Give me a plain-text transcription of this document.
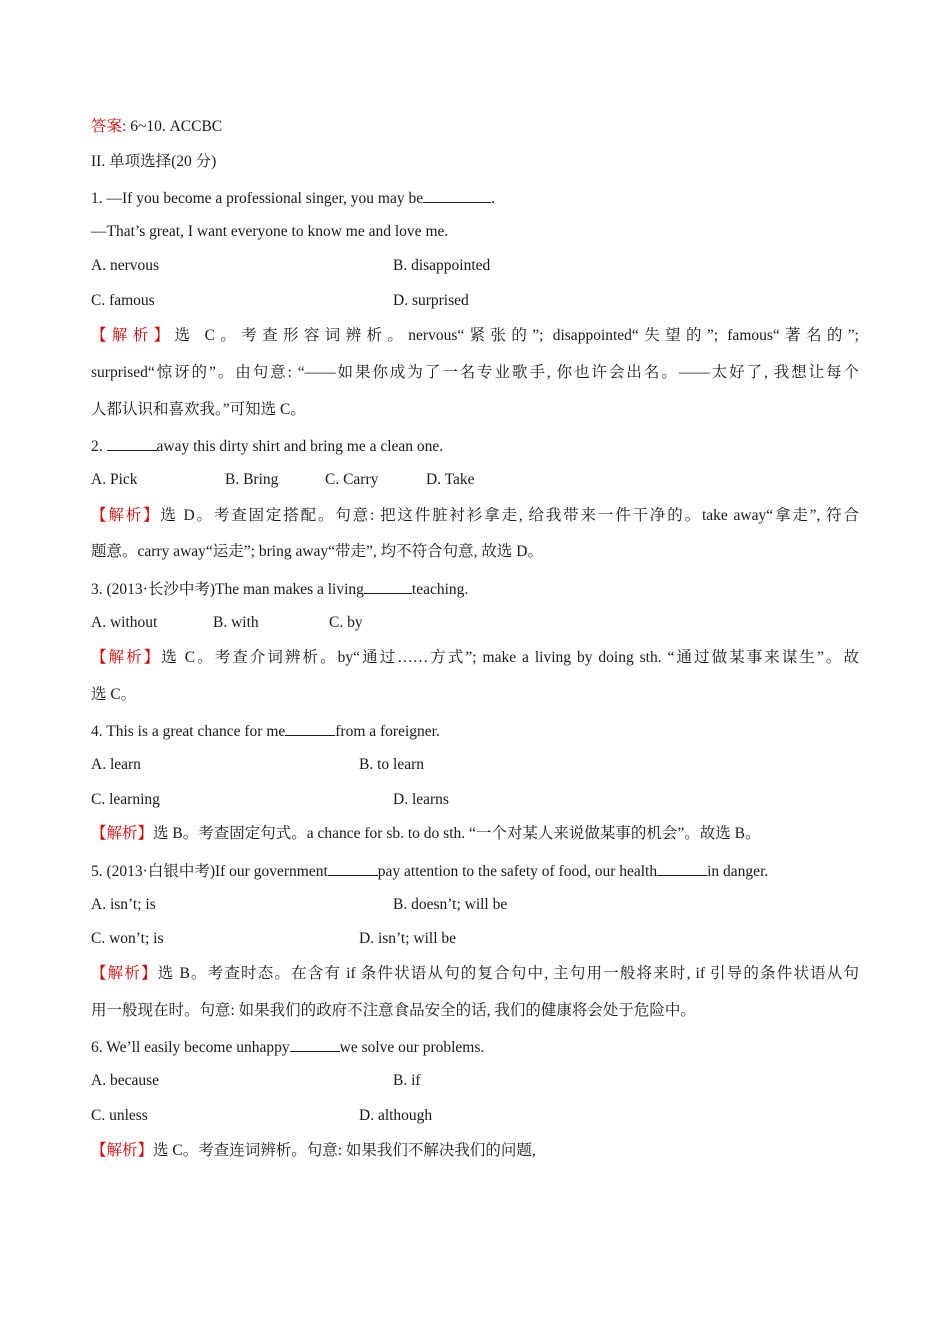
答案: 6~10. ACCBC
II. 单项选择(20 分)
1. —If you become a professional singer, you may be	.
—That’s great, I want everyone to know me and love me.
A. nervous	B. disappointed
C. famous	D. surprised
【解析】选 C。考查形容词辨析。nervous“紧张的”; disappointed“失望的”; famous“著名的”;
surprised“惊讶的”。由句意: “——如果你成为了一名专业歌手, 你也许会出名。——太好了, 我想让每个
人都认识和喜欢我。”可知选 C。
2.	away this dirty shirt and bring me a clean one.
A. Pick	B. Bring	C. Carry	D. Take
【解析】选 D。考查固定搭配。句意: 把这件脏衬衫拿走, 给我带来一件干净的。take away“拿走”, 符合
题意。carry away“运走”; bring away“带走”, 均不符合句意, 故选 D。
3. (2013·长沙中考)The man makes a living	teaching.
A. without	B. with	C. by
【解析】选 C。考查介词辨析。by“通过……方式”; make a living by doing sth. “通过做某事来谋生”。故
选 C。
4. This is a great chance for me	from a foreigner.
A. learn	B. to learn
C. learning	D. learns
【解析】选 B。考查固定句式。a chance for sb. to do sth. “一个对某人来说做某事的机会”。故选 B。
5. (2013·白银中考)If our government	pay attention to the safety of food, our health	in danger.
A. isn’t; is	B. doesn’t; will be
C. won’t; is	D. isn’t; will be
【解析】选 B。考查时态。在含有 if 条件状语从句的复合句中, 主句用一般将来时, if 引导的条件状语从句
用一般现在时。句意: 如果我们的政府不注意食品安全的话, 我们的健康将会处于危险中。
6. We’ll easily become unhappy	we solve our problems.
A. because	B. if
C. unless	D. although
【解析】选 C。考查连词辨析。句意: 如果我们不解决我们的问题,
